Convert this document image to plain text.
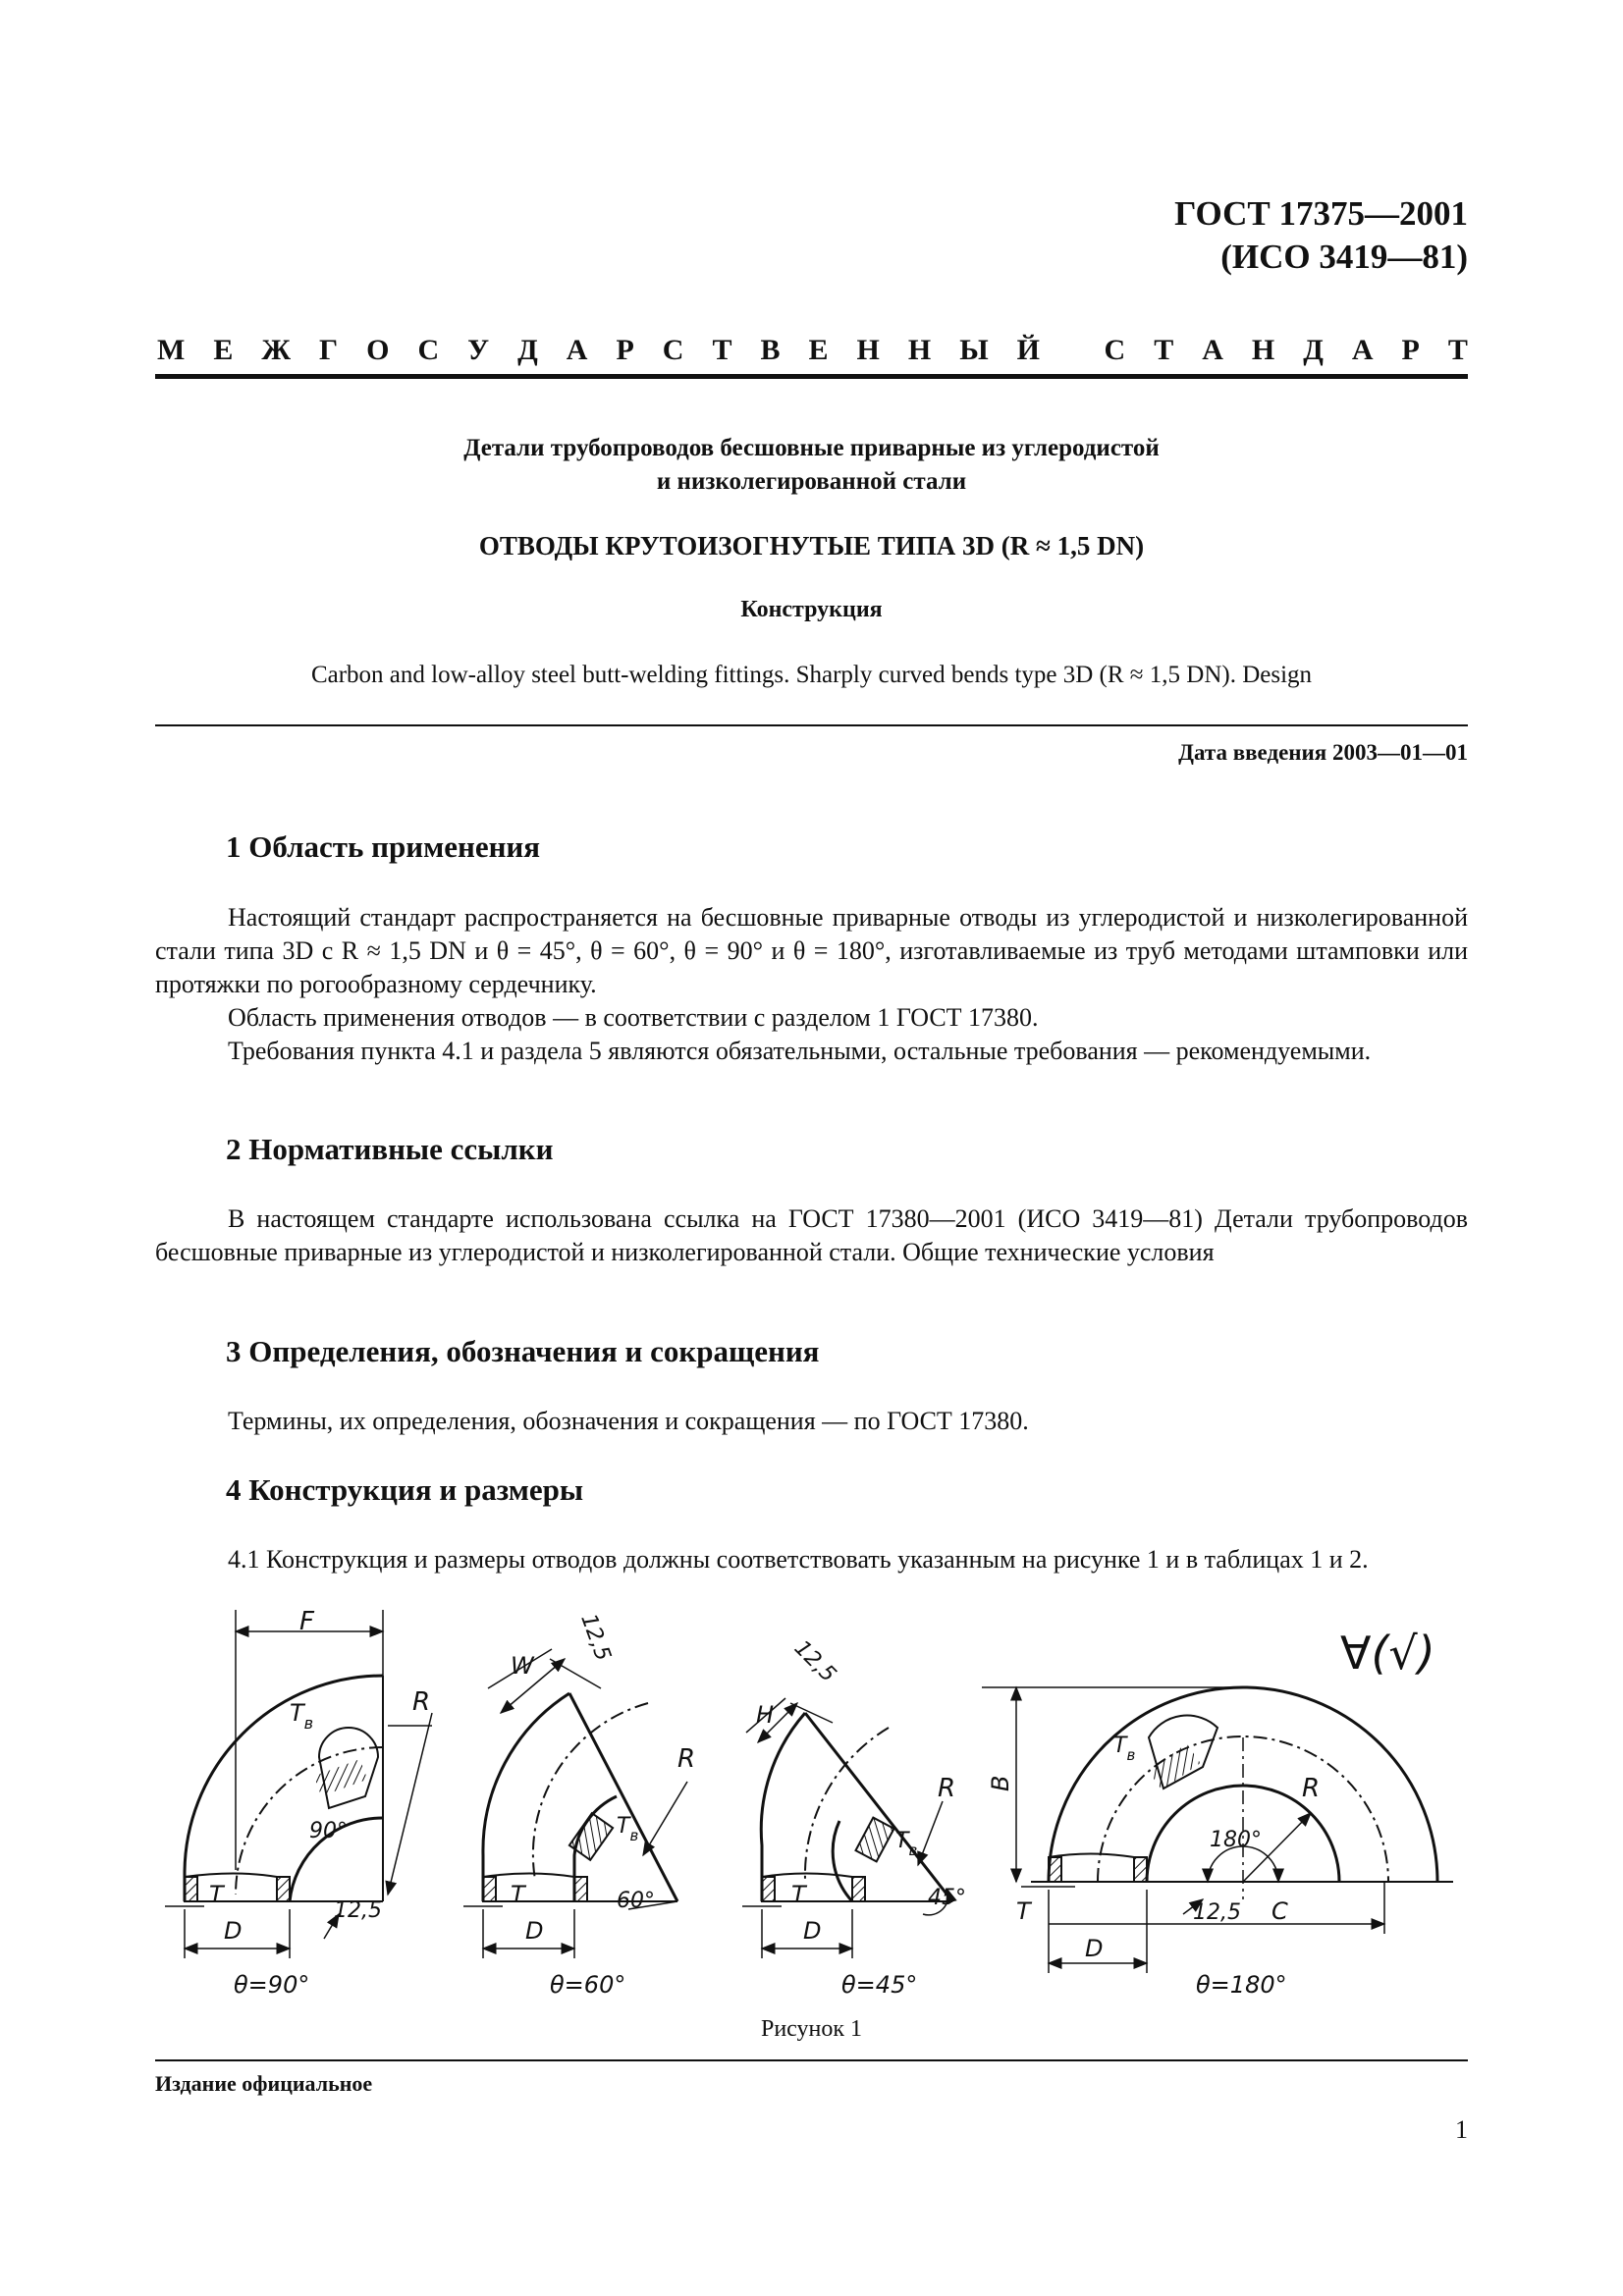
ГОСТ 17375—2001
(ИСО 3419—81)
М Е Ж Г О С У Д А Р С Т В Е Н Н Ы Й
С Т А Н Д А Р Т
Детали трубопроводов бесшовные приварные из углеродистой
и низколегированной стали
ОТВОДЫ КРУТОИЗОГНУТЫЕ ТИПА 3D (R ≈ 1,5 DN)
Конструкция
Carbon and low-alloy steel butt-welding fittings. Sharply curved bends type 3D (R ≈ 1,5 DN). Design
Дата введения 2003—01—01
1 Область применения

Настоящий стандарт распространяется на бесшовные приварные отводы из углеродистой и низколегированной стали типа 3D с R ≈ 1,5 DN и θ = 45°, θ = 60°, θ = 90° и θ = 180°, изготавливаемые из труб методами штамповки или протяжки по рогообразному сердечнику.

Область применения отводов — в соответствии с разделом 1 ГОСТ 17380.

Требования пункта 4.1 и раздела 5 являются обязательными, остальные требования — рекомендуемыми.

2 Нормативные ссылки

В настоящем стандарте использована ссылка на ГОСТ 17380—2001 (ИСО 3419—81) Детали трубопроводов бесшовные приварные из углеродистой и низколегированной стали. Общие технические условия

3 Определения, обозначения и сокращения

Термины, их определения, обозначения и сокращения — по ГОСТ 17380.

4 Конструкция и размеры

4.1 Конструкция и размеры отводов должны соответствовать указанным на рисунке 1 и в таблицах 1 и 2.

F
$T_в$
R
90°
T
D
12,5
W
12,5
R
$T_в$
60°
T
D
H
12,5
R
$T_в$
45°
T
D
B
$T_в$
180°
R
T
D
12,5 C
∀(√)
θ=90°	θ=60°	θ=45°	θ=180°
Рисунок 1
Издание официальное
1
